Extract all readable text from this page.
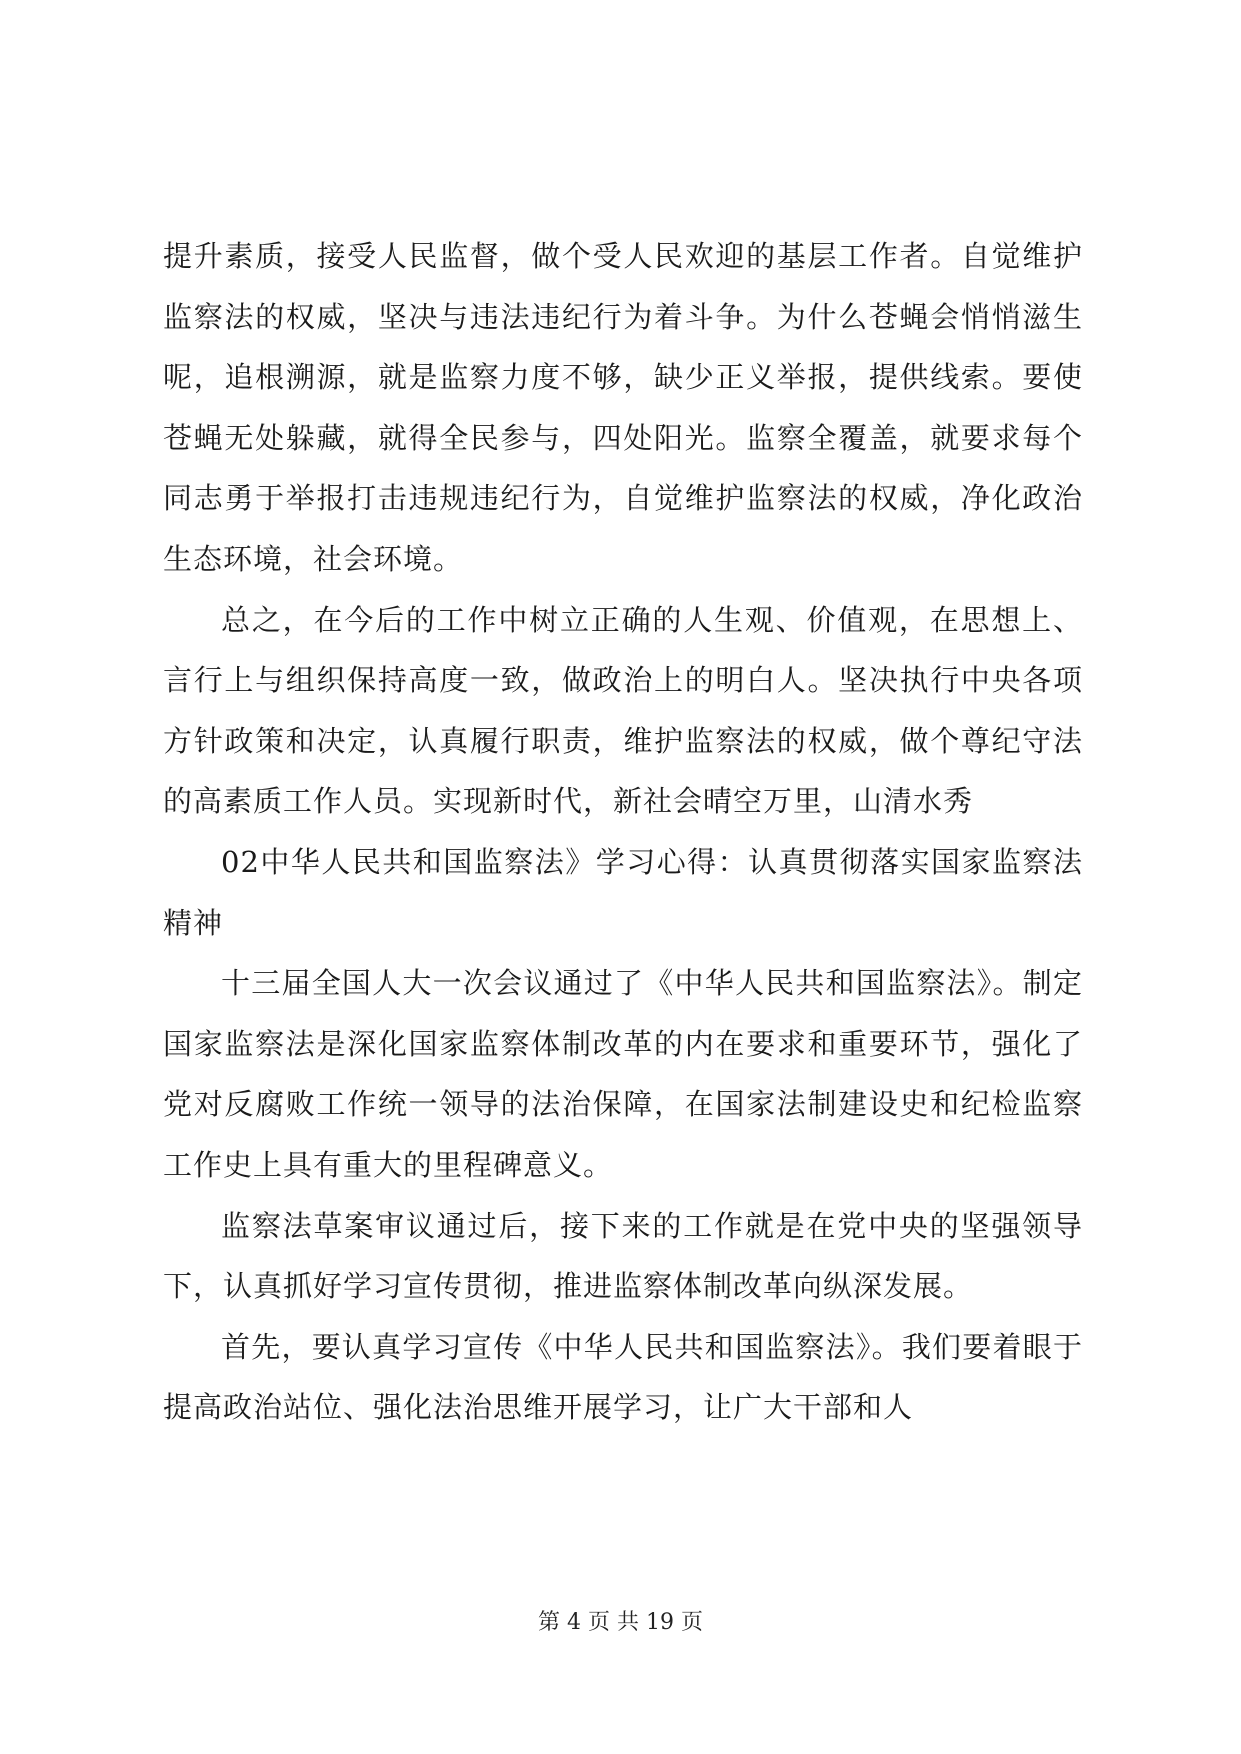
提升素质，接受人民监督，做个受人民欢迎的基层工作者。自觉维护监察法的权威，坚决与违法违纪行为着斗争。为什么苍蝇会悄悄滋生呢，追根溯源，就是监察力度不够，缺少正义举报，提供线索。要使苍蝇无处躲藏，就得全民参与，四处阳光。监察全覆盖，就要求每个同志勇于举报打击违规违纪行为，自觉维护监察法的权威，净化政治生态环境，社会环境。

总之，在今后的工作中树立正确的人生观、价值观，在思想上、言行上与组织保持高度一致，做政治上的明白人。坚决执行中央各项方针政策和决定，认真履行职责，维护监察法的权威，做个尊纪守法的高素质工作人员。实现新时代，新社会晴空万里，山清水秀

02中华人民共和国监察法》学习心得：认真贯彻落实国家监察法精神

十三届全国人大一次会议通过了《中华人民共和国监察法》。制定国家监察法是深化国家监察体制改革的内在要求和重要环节，强化了党对反腐败工作统一领导的法治保障，在国家法制建设史和纪检监察工作史上具有重大的里程碑意义。

监察法草案审议通过后，接下来的工作就是在党中央的坚强领导下，认真抓好学习宣传贯彻，推进监察体制改革向纵深发展。

首先，要认真学习宣传《中华人民共和国监察法》。我们要着眼于提高政治站位、强化法治思维开展学习，让广大干部和人

第 4 页 共 19 页
